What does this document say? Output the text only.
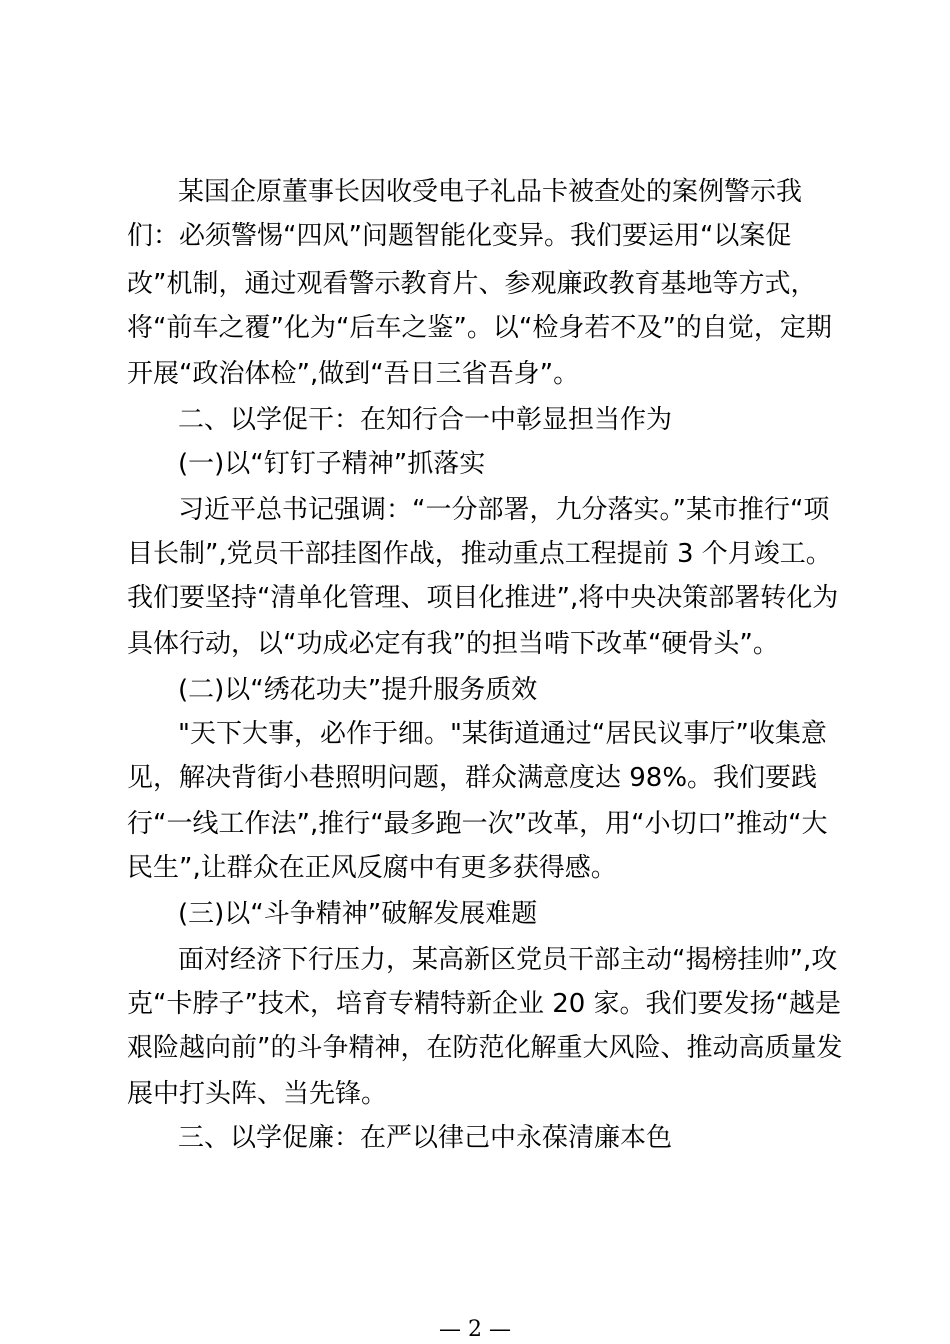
某国企原董事长因收受电子礼品卡被查处的案例警示我
们：必须警惕“四风”问题智能化变异。我们要运用“以案促
改”机制，通过观看警示教育片、参观廉政教育基地等方式，
将“前车之覆”化为“后车之鉴”。以“检身若不及”的自觉，定期
开展“政治体检”,做到“吾日三省吾身”。
二、以学促干：在知行合一中彰显担当作为
(一)以“钉钉子精神”抓落实
习近平总书记强调：“一分部署，九分落实。”某市推行“项
目长制”,党员干部挂图作战，推动重点工程提前 3 个月竣工。
我们要坚持“清单化管理、项目化推进”,将中央决策部署转化为
具体行动，以“功成必定有我”的担当啃下改革“硬骨头”。
(二)以“绣花功夫”提升服务质效
"天下大事，必作于细。"某街道通过“居民议事厅”收集意
见，解决背街小巷照明问题，群众满意度达 98%。我们要践
行“一线工作法”,推行“最多跑一次”改革，用“小切口”推动“大
民生”,让群众在正风反腐中有更多获得感。
(三)以“斗争精神”破解发展难题
面对经济下行压力，某高新区党员干部主动“揭榜挂帅”,攻
克“卡脖子”技术，培育专精特新企业 20 家。我们要发扬“越是
艰险越向前”的斗争精神，在防范化解重大风险、推动高质量发
展中打头阵、当先锋。
三、以学促廉：在严以律己中永葆清廉本色
— 2 —
